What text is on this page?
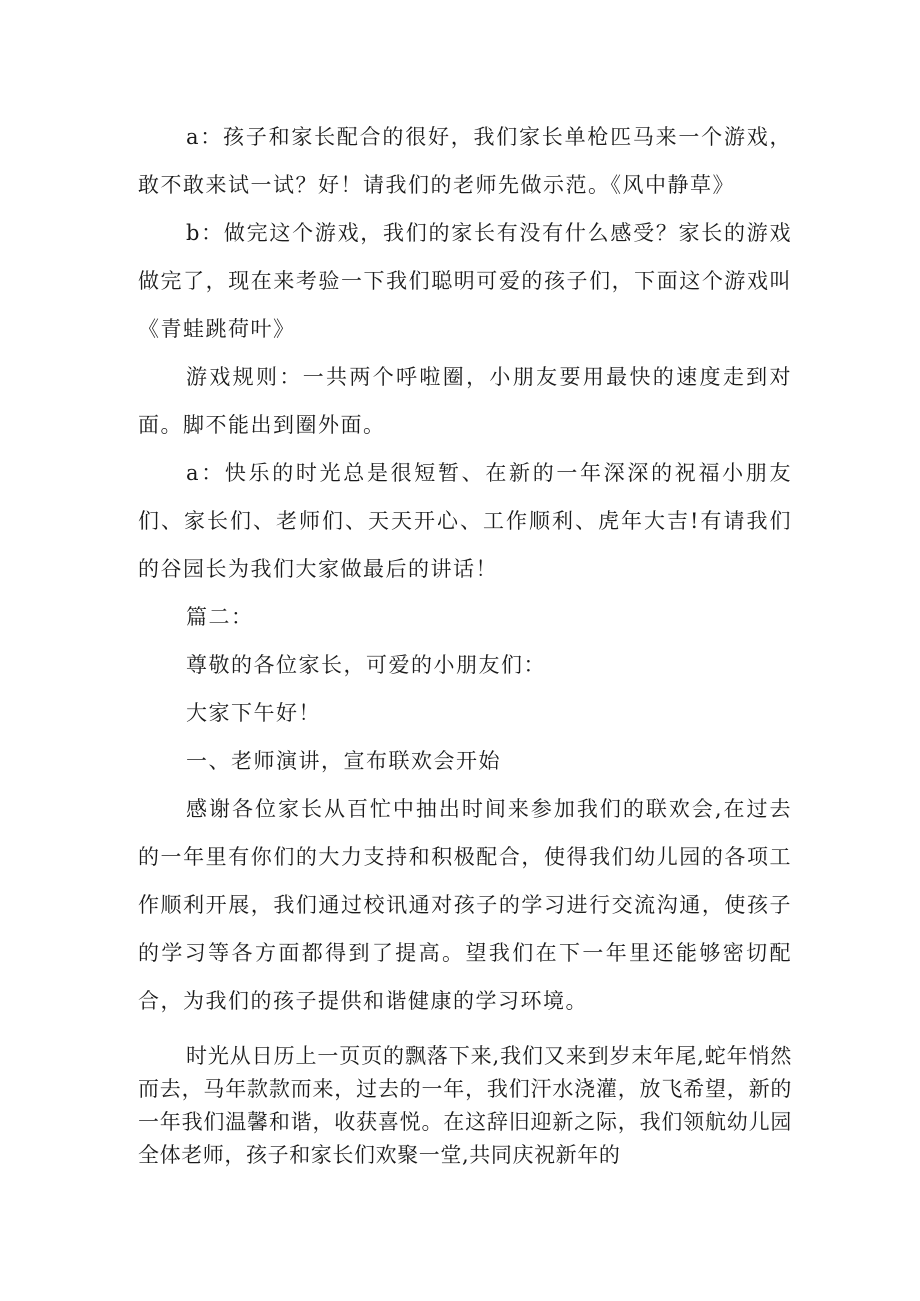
a：孩子和家长配合的很好，我们家长单枪匹马来一个游戏，敢不敢来试一试？好！请我们的老师先做示范。《风中静草》

b：做完这个游戏，我们的家长有没有什么感受？家长的游戏做完了，现在来考验一下我们聪明可爱的孩子们，下面这个游戏叫《青蛙跳荷叶》

游戏规则：一共两个呼啦圈，小朋友要用最快的速度走到对面。脚不能出到圈外面。

a：快乐的时光总是很短暂、在新的一年深深的祝福小朋友们、家长们、老师们、天天开心、工作顺利、虎年大吉!有请我们的谷园长为我们大家做最后的讲话！

篇二：

尊敬的各位家长，可爱的小朋友们：

大家下午好！

一、老师演讲，宣布联欢会开始

感谢各位家长从百忙中抽出时间来参加我们的联欢会,在过去的一年里有你们的大力支持和积极配合，使得我们幼儿园的各项工作顺利开展，我们通过校讯通对孩子的学习进行交流沟通，使孩子的学习等各方面都得到了提高。望我们在下一年里还能够密切配合，为我们的孩子提供和谐健康的学习环境。

时光从日历上一页页的飘落下来,我们又来到岁末年尾,蛇年悄然而去，马年款款而来，过去的一年，我们汗水浇灌，放飞希望，新的一年我们温馨和谐，收获喜悦。在这辞旧迎新之际，我们领航幼儿园全体老师，孩子和家长们欢聚一堂,共同庆祝新年的
